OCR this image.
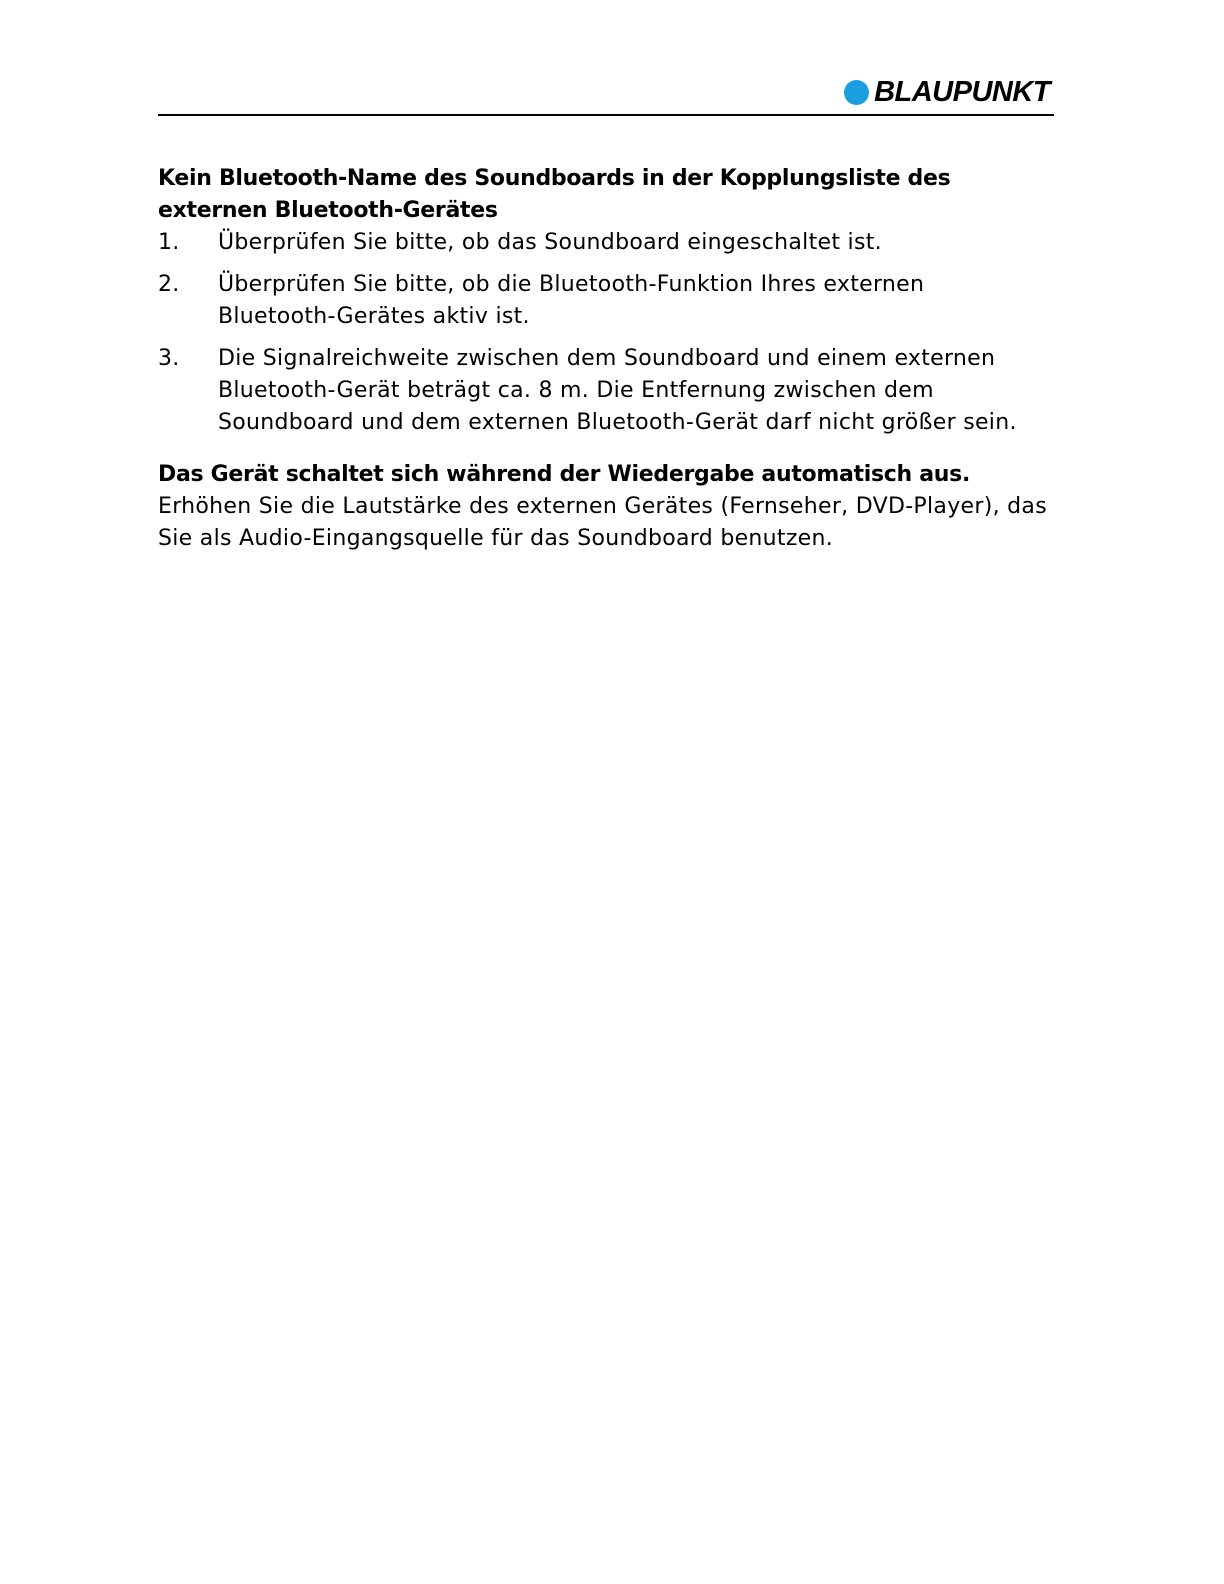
BLAUPUNKT
Kein Bluetooth-Name des Soundboards in der Kopplungsliste des externen Bluetooth-Gerätes
1.	Überprüfen Sie bitte, ob das Soundboard eingeschaltet ist.
2.	Überprüfen Sie bitte, ob die Bluetooth-Funktion Ihres externen Bluetooth-Gerätes aktiv ist.
3.	Die Signalreichweite zwischen dem Soundboard und einem externen Bluetooth-Gerät beträgt ca. 8 m. Die Entfernung zwischen dem Soundboard und dem externen Bluetooth-Gerät darf nicht größer sein.
Das Gerät schaltet sich während der Wiedergabe automatisch aus.

Erhöhen Sie die Lautstärke des externen Gerätes (Fernseher, DVD-Player), das Sie als Audio-Eingangsquelle für das Soundboard benutzen.
